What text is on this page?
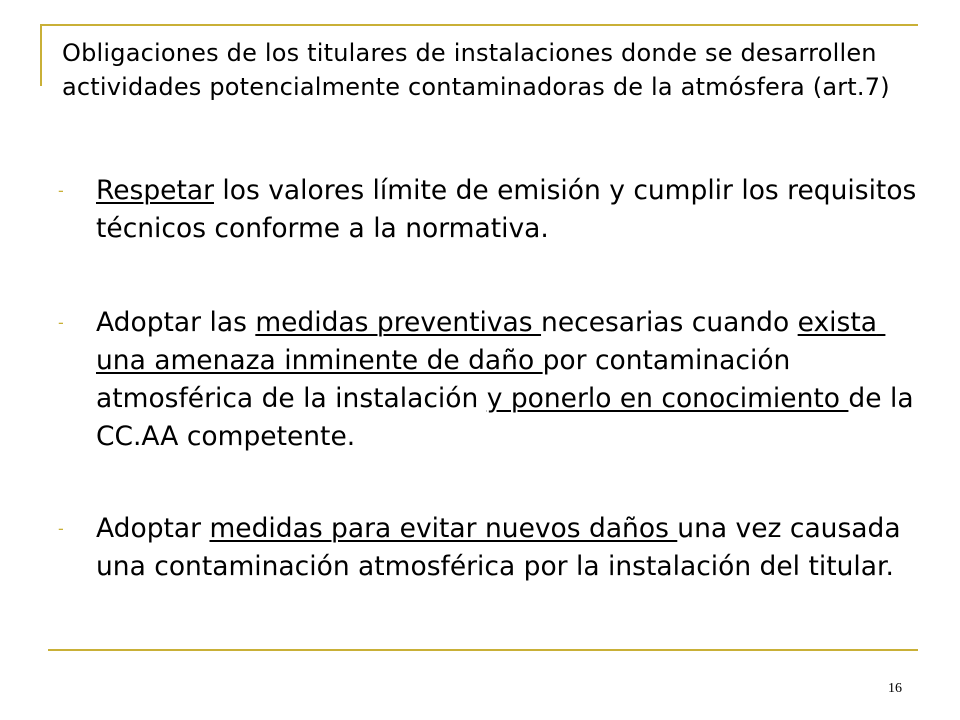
Obligaciones de los titulares de instalaciones donde se desarrollen actividades potencialmente contaminadoras de la atmósfera (art.7)
- Respetar los valores límite de emisión y cumplir los requisitos técnicos conforme a la normativa.
- Adoptar las medidas preventivas necesarias cuando exista una amenaza inminente de daño por contaminación atmosférica de la instalación y ponerlo en conocimiento de la CC.AA competente.
- Adoptar medidas para evitar nuevos daños una vez causada una contaminación atmosférica por la instalación del titular.
16
